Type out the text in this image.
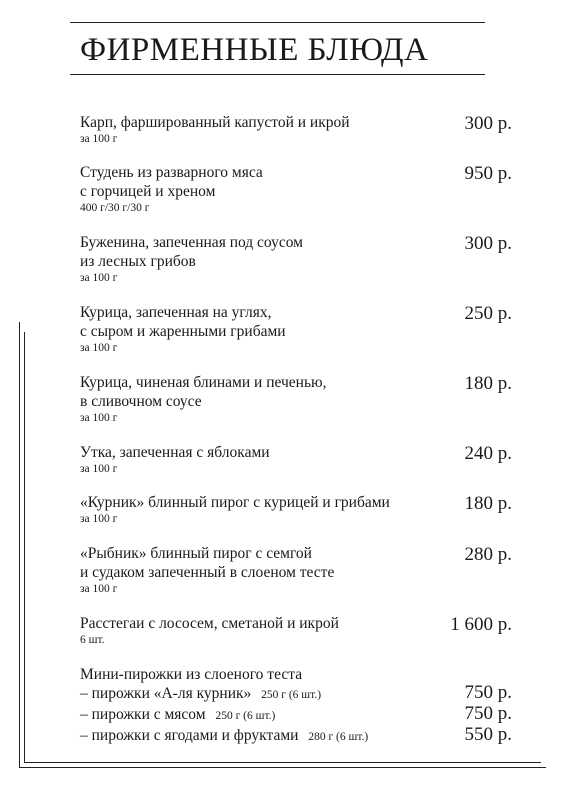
ФИРМЕННЫЕ БЛЮДА
Карп, фаршированный капустой и икрой
за 100 г
300 р.
Студень из разварного мяса
с горчицей и хреном
400 г/30 г/30 г
950 р.
Буженина, запеченная под соусом
из лесных грибов
за 100 г
300 р.
Курица, запеченная на углях,
с сыром и жаренными грибами
за 100 г
250 р.
Курица, чиненая блинами и печенью,
в сливочном соусе
за 100 г
180 р.
Утка, запеченная с яблоками
за 100 г
240 р.
«Курник» блинный пирог с курицей и грибами
за 100 г
180 р.
«Рыбник» блинный пирог с семгой
и судаком запеченный в слоеном тесте
за 100 г
280 р.
Расстегаи с лососем, сметаной и икрой
6 шт.
1 600 р.
Мини-пирожки из слоеного теста
– пирожки «А-ля курник» 250 г (6 шт.)	750 р.
– пирожки с мясом 250 г (6 шт.)	750 р.
– пирожки с ягодами и фруктами 280 г (6 шт.)	550 р.
